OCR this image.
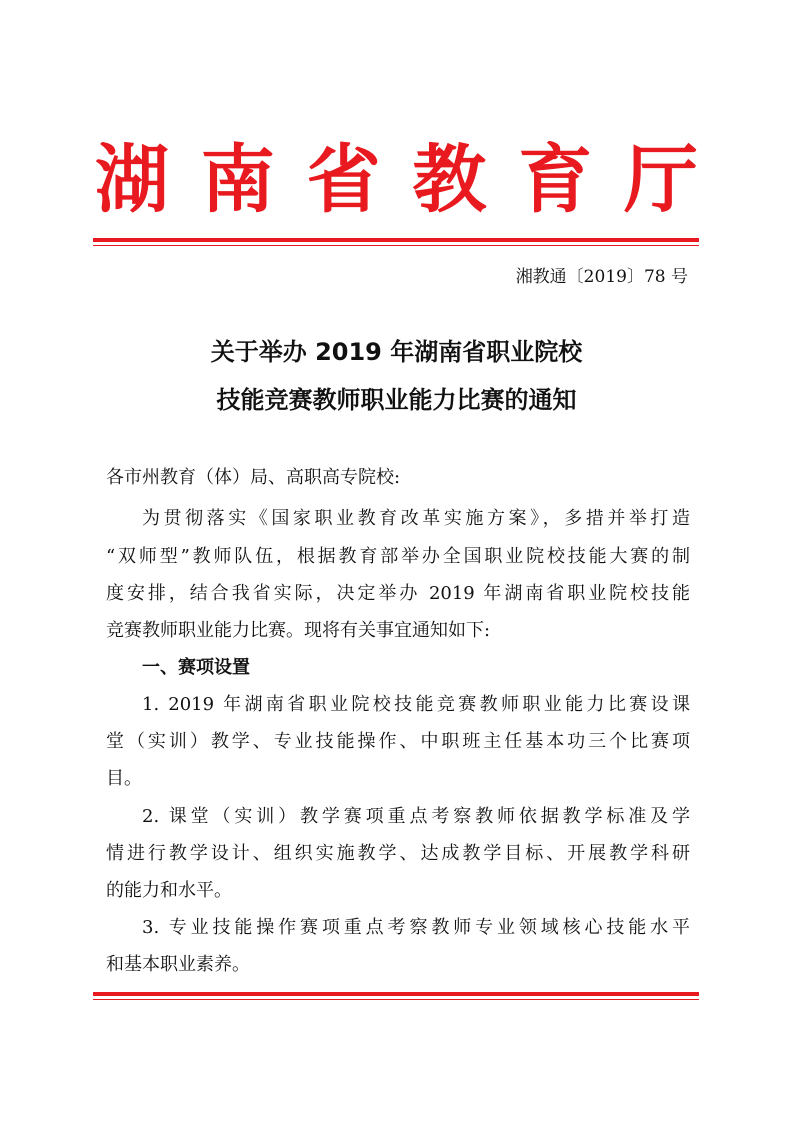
湖 南 省 教 育 厅
湘教通〔2019〕78 号
关于举办 2019 年湖南省职业院校
技能竞赛教师职业能力比赛的通知
各市州教育（体）局、高职高专院校:
为贯彻落实《国家职业教育改革实施方案》，多措并举打造
“双师型”教师队伍，根据教育部举办全国职业院校技能大赛的制
度安排，结合我省实际，决定举办 2019 年湖南省职业院校技能
竞赛教师职业能力比赛。现将有关事宜通知如下:
一、赛项设置
1. 2019 年湖南省职业院校技能竞赛教师职业能力比赛设课
堂（实训）教学、专业技能操作、中职班主任基本功三个比赛项
目。
2. 课堂（实训）教学赛项重点考察教师依据教学标准及学
情进行教学设计、组织实施教学、达成教学目标、开展教学科研
的能力和水平。
3. 专业技能操作赛项重点考察教师专业领域核心技能水平
和基本职业素养。
